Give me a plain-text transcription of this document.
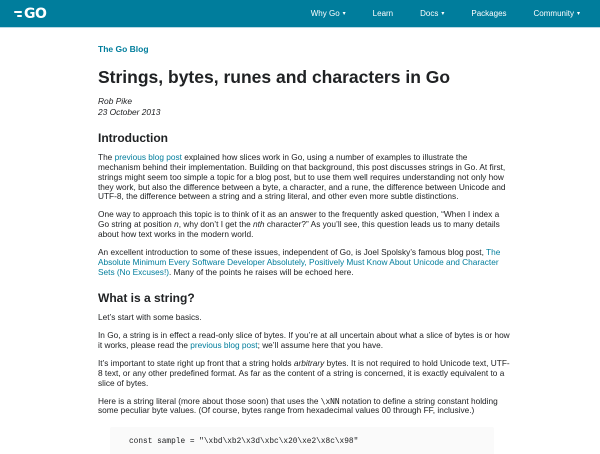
GO	Why Go ▾	Learn	Docs ▾	Packages	Community ▾
The Go Blog
Strings, bytes, runes and characters in Go
Rob Pike
23 October 2013
Introduction

The previous blog post explained how slices work in Go, using a number of examples to illustrate the mechanism behind their implementation. Building on that background, this post discusses strings in Go. At first, strings might seem too simple a topic for a blog post, but to use them well requires understanding not only how they work, but also the difference between a byte, a character, and a rune, the difference between Unicode and UTF-8, the difference between a string and a string literal, and other even more subtle distinctions.

One way to approach this topic is to think of it as an answer to the frequently asked question, “When I index a Go string at position n, why don’t I get the nth character?” As you’ll see, this question leads us to many details about how text works in the modern world.

An excellent introduction to some of these issues, independent of Go, is Joel Spolsky’s famous blog post, The Absolute Minimum Every Software Developer Absolutely, Positively Must Know About Unicode and Character Sets (No Excuses!). Many of the points he raises will be echoed here.

What is a string?

Let’s start with some basics.

In Go, a string is in effect a read-only slice of bytes. If you’re at all uncertain about what a slice of bytes is or how it works, please read the previous blog post; we’ll assume here that you have.

It’s important to state right up front that a string holds arbitrary bytes. It is not required to hold Unicode text, UTF-8 text, or any other predefined format. As far as the content of a string is concerned, it is exactly equivalent to a slice of bytes.

Here is a string literal (more about those soon) that uses the \xNN notation to define a string constant holding some peculiar byte values. (Of course, bytes range from hexadecimal values 00 through FF, inclusive.)

const sample = "\xbd\xb2\x3d\xbc\x20\xe2\x8c\x98"
